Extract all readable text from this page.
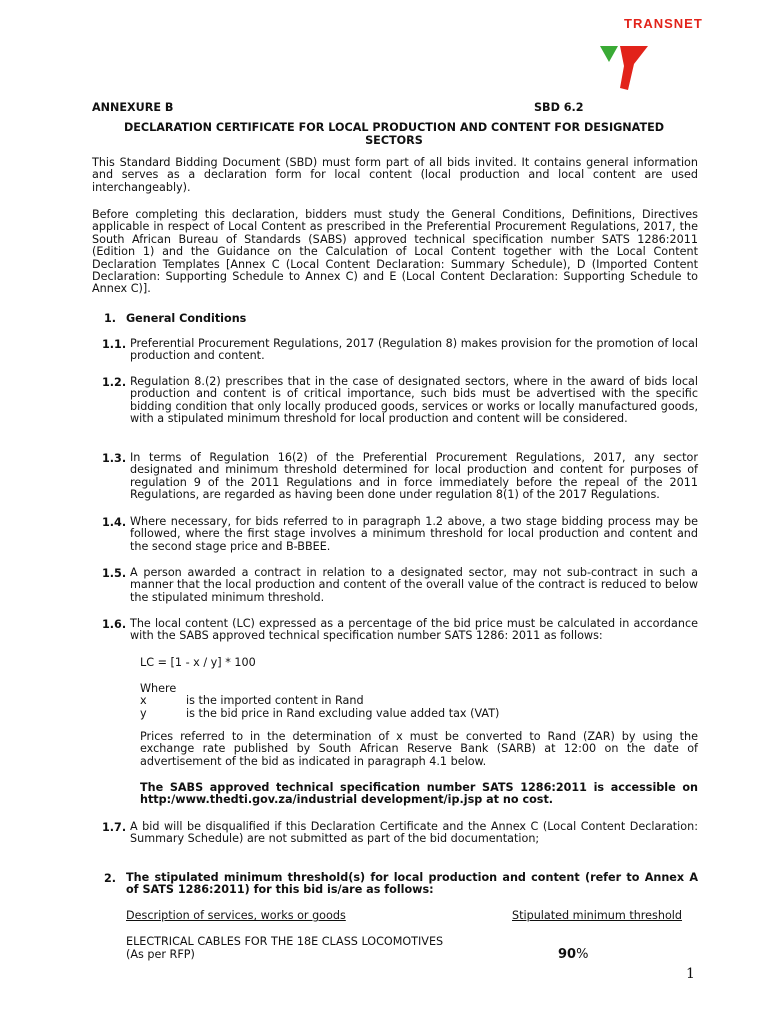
TRANSNET
ANNEXURE B	SBD 6.2
DECLARATION CERTIFICATE FOR LOCAL PRODUCTION AND CONTENT FOR DESIGNATED
SECTORS

This Standard Bidding Document (SBD) must form part of all bids invited. It contains general information and serves as a declaration form for local content (local production and local content are used interchangeably).

Before completing this declaration, bidders must study the General Conditions, Definitions, Directives applicable in respect of Local Content as prescribed in the Preferential Procurement Regulations, 2017, the South African Bureau of Standards (SABS) approved technical specification number SATS 1286:2011 (Edition 1) and the Guidance on the Calculation of Local Content together with the Local Content Declaration Templates [Annex C (Local Content Declaration: Summary Schedule), D (Imported Content Declaration: Supporting Schedule to Annex C) and E (Local Content Declaration: Supporting Schedule to Annex C)].

1. General Conditions
1.1. Preferential Procurement Regulations, 2017 (Regulation 8) makes provision for the promotion of local production and content.

1.2. Regulation 8.(2) prescribes that in the case of designated sectors, where in the award of bids local production and content is of critical importance, such bids must be advertised with the specific bidding condition that only locally produced goods, services or works or locally manufactured goods, with a stipulated minimum threshold for local production and content will be considered.

1.3. In terms of Regulation 16(2) of the Preferential Procurement Regulations, 2017, any sector designated and minimum threshold determined for local production and content for purposes of regulation 9 of the 2011 Regulations and in force immediately before the repeal of the 2011 Regulations, are regarded as having been done under regulation 8(1) of the 2017 Regulations.

1.4. Where necessary, for bids referred to in paragraph 1.2 above, a two stage bidding process may be followed, where the first stage involves a minimum threshold for local production and content and the second stage price and B-BBEE.

1.5. A person awarded a contract in relation to a designated sector, may not sub-contract in such a manner that the local production and content of the overall value of the contract is reduced to below the stipulated minimum threshold.

1.6. The local content (LC) expressed as a percentage of the bid price must be calculated in accordance with the SABS approved technical specification number SATS 1286: 2011 as follows:

LC = [1 - x / y] * 100
Where
x	is the imported content in Rand
y	is the bid price in Rand excluding value added tax (VAT)

Prices referred to in the determination of x must be converted to Rand (ZAR) by using the exchange rate published by South African Reserve Bank (SARB) at 12:00 on the date of advertisement of the bid as indicated in paragraph 4.1 below.

The SABS approved technical specification number SATS 1286:2011 is accessible on http:/www.thedti.gov.za/industrial development/ip.jsp at no cost.

1.7. A bid will be disqualified if this Declaration Certificate and the Annex C (Local Content Declaration: Summary Schedule) are not submitted as part of the bid documentation;

2. The stipulated minimum threshold(s) for local production and content (refer to Annex A of SATS 1286:2011) for this bid is/are as follows:

Description of services, works or goods	Stipulated minimum threshold
ELECTRICAL CABLES FOR THE 18E CLASS LOCOMOTIVES
(As per RFP)	90%
1
